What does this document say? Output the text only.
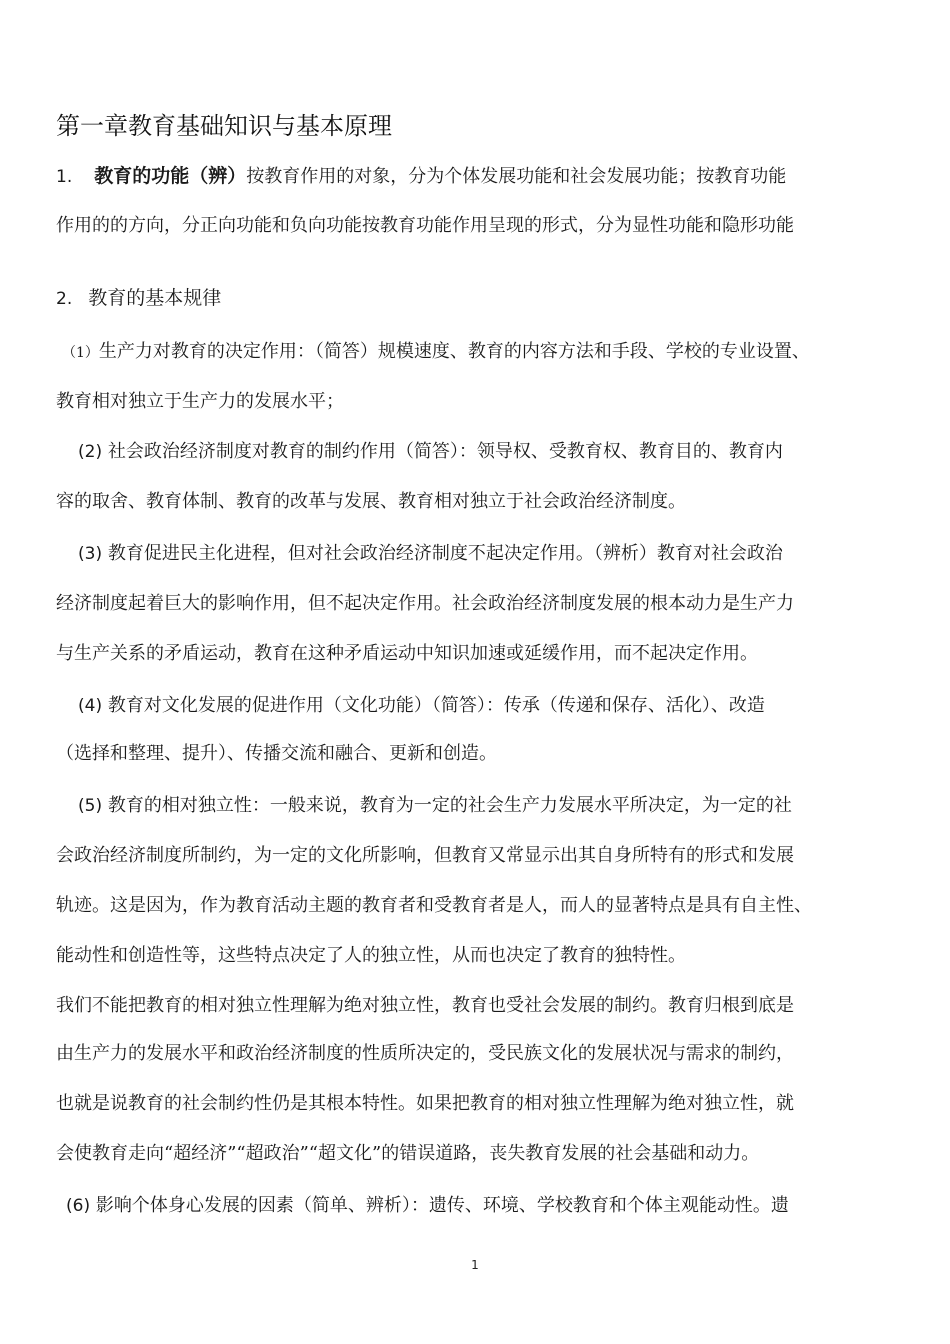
第一章教育基础知识与基本原理
1. 教育的功能（辨）按教育作用的对象，分为个体发展功能和社会发展功能；按教育功能
作用的的方向，分正向功能和负向功能按教育功能作用呈现的形式，分为显性功能和隐形功能
2. 教育的基本规律
（1）生产力对教育的决定作用：（简答）规模速度、教育的内容方法和手段、学校的专业设置、
教育相对独立于生产力的发展水平；
(2) 社会政治经济制度对教育的制约作用（简答）：领导权、受教育权、教育目的、教育内
容的取舍、教育体制、教育的改革与发展、教育相对独立于社会政治经济制度。
(3) 教育促进民主化进程，但对社会政治经济制度不起决定作用。（辨析）教育对社会政治
经济制度起着巨大的影响作用，但不起决定作用。社会政治经济制度发展的根本动力是生产力
与生产关系的矛盾运动，教育在这种矛盾运动中知识加速或延缓作用，而不起决定作用。
(4) 教育对文化发展的促进作用（文化功能）（简答）：传承（传递和保存、活化）、改造
（选择和整理、提升）、传播交流和融合、更新和创造。
(5) 教育的相对独立性：一般来说，教育为一定的社会生产力发展水平所决定，为一定的社
会政治经济制度所制约，为一定的文化所影响，但教育又常显示出其自身所特有的形式和发展
轨迹。这是因为，作为教育活动主题的教育者和受教育者是人，而人的显著特点是具有自主性、
能动性和创造性等，这些特点决定了人的独立性，从而也决定了教育的独特性。
我们不能把教育的相对独立性理解为绝对独立性，教育也受社会发展的制约。教育归根到底是
由生产力的发展水平和政治经济制度的性质所决定的，受民族文化的发展状况与需求的制约，
也就是说教育的社会制约性仍是其根本特性。如果把教育的相对独立性理解为绝对独立性，就
会使教育走向“超经济”“超政治”“超文化”的错误道路，丧失教育发展的社会基础和动力。
(6) 影响个体身心发展的因素（简单、辨析）：遗传、环境、学校教育和个体主观能动性。遗
1
